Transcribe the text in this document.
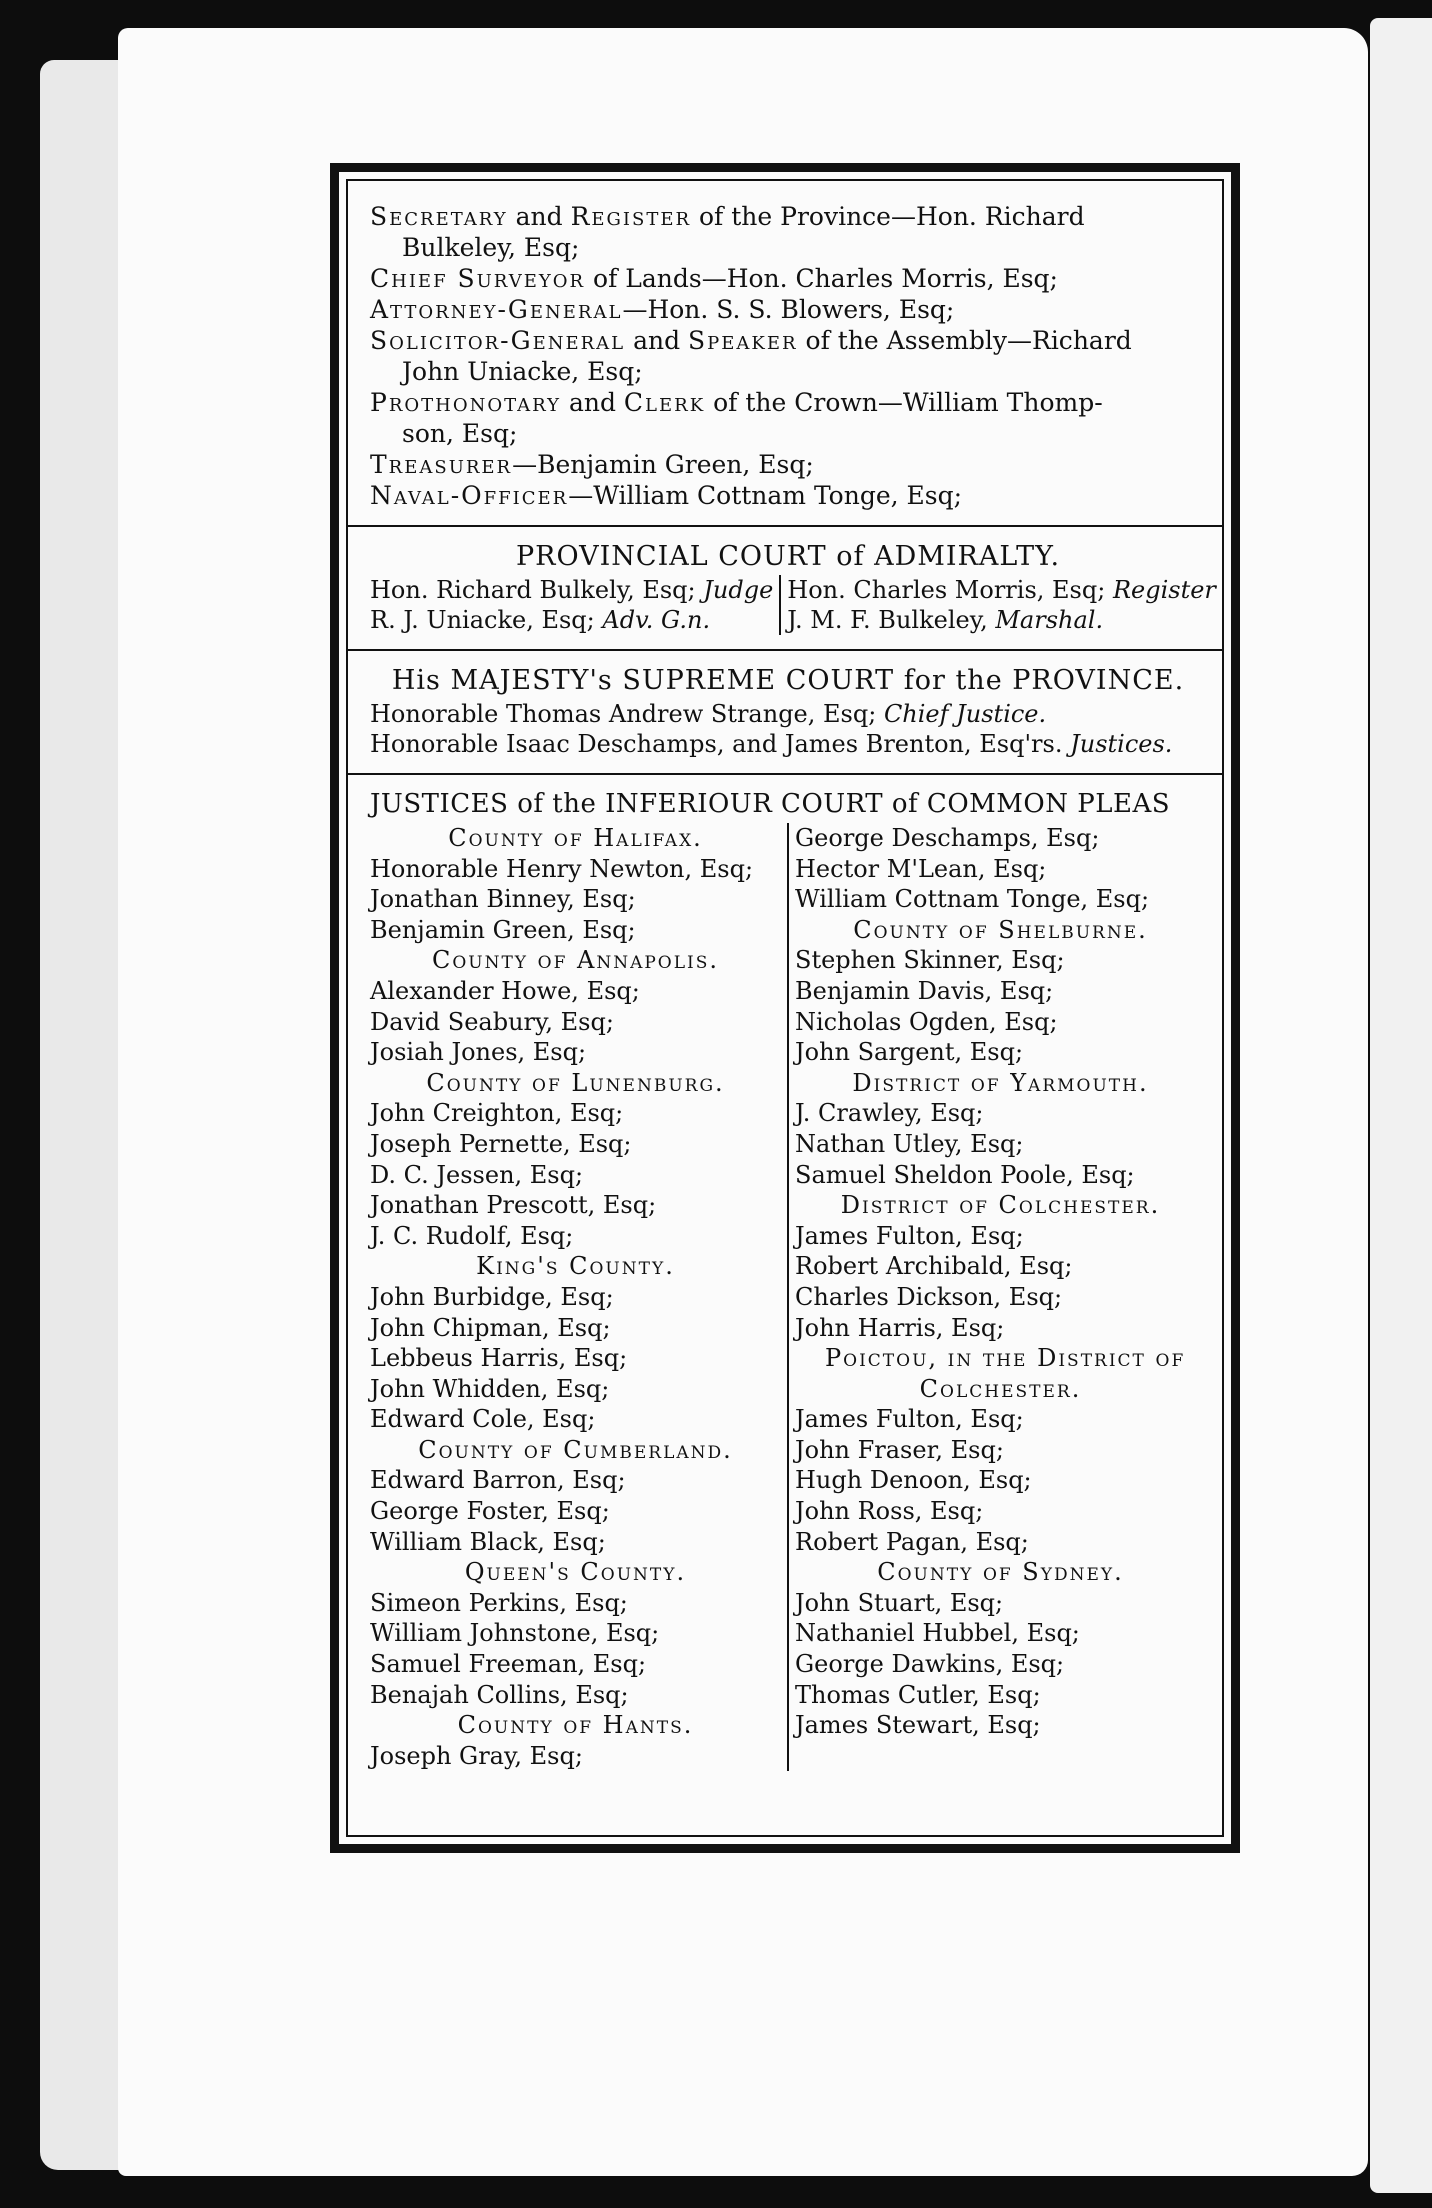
Secretary and Register of the Province—Hon. Richard
Bulkeley, Esq;
Chief Surveyor of Lands—Hon. Charles Morris, Esq;
Attorney-General—Hon. S. S. Blowers, Esq;
Solicitor-General and Speaker of the Assembly—Richard
John Uniacke, Esq;
Prothonotary and Clerk of the Crown—William Thomp-
son, Esq;
Treasurer—Benjamin Green, Esq;
Naval-Officer—William Cottnam Tonge, Esq;
PROVINCIAL COURT of ADMIRALTY.
Hon. Richard Bulkely, Esq; Judge
R. J. Uniacke, Esq; Adv. G.n.
Hon. Charles Morris, Esq; Register
J. M. F. Bulkeley, Marshal.
His MAJESTY's SUPREME COURT for the PROVINCE.
Honorable Thomas Andrew Strange, Esq; Chief Justice.
Honorable Isaac Deschamps, and James Brenton, Esq'rs. Justices.
JUSTICES of the INFERIOUR COURT of COMMON PLEAS
County of Halifax.
Honorable Henry Newton, Esq;
Jonathan Binney, Esq;
Benjamin Green, Esq;
County of Annapolis.
Alexander Howe, Esq;
David Seabury, Esq;
Josiah Jones, Esq;
County of Lunenburg.
John Creighton, Esq;
Joseph Pernette, Esq;
D. C. Jessen, Esq;
Jonathan Prescott, Esq;
J. C. Rudolf, Esq;
King's County.
John Burbidge, Esq;
John Chipman, Esq;
Lebbeus Harris, Esq;
John Whidden, Esq;
Edward Cole, Esq;
County of Cumberland.
Edward Barron, Esq;
George Foster, Esq;
William Black, Esq;
Queen's County.
Simeon Perkins, Esq;
William Johnstone, Esq;
Samuel Freeman, Esq;
Benajah Collins, Esq;
County of Hants.
Joseph Gray, Esq;
George Deschamps, Esq;
Hector M'Lean, Esq;
William Cottnam Tonge, Esq;
County of Shelburne.
Stephen Skinner, Esq;
Benjamin Davis, Esq;
Nicholas Ogden, Esq;
John Sargent, Esq;
District of Yarmouth.
J. Crawley, Esq;
Nathan Utley, Esq;
Samuel Sheldon Poole, Esq;
District of Colchester.
James Fulton, Esq;
Robert Archibald, Esq;
Charles Dickson, Esq;
John Harris, Esq;
Poictou, in the District of
Colchester.
James Fulton, Esq;
John Fraser, Esq;
Hugh Denoon, Esq;
John Ross, Esq;
Robert Pagan, Esq;
County of Sydney.
John Stuart, Esq;
Nathaniel Hubbel, Esq;
George Dawkins, Esq;
Thomas Cutler, Esq;
James Stewart, Esq;
